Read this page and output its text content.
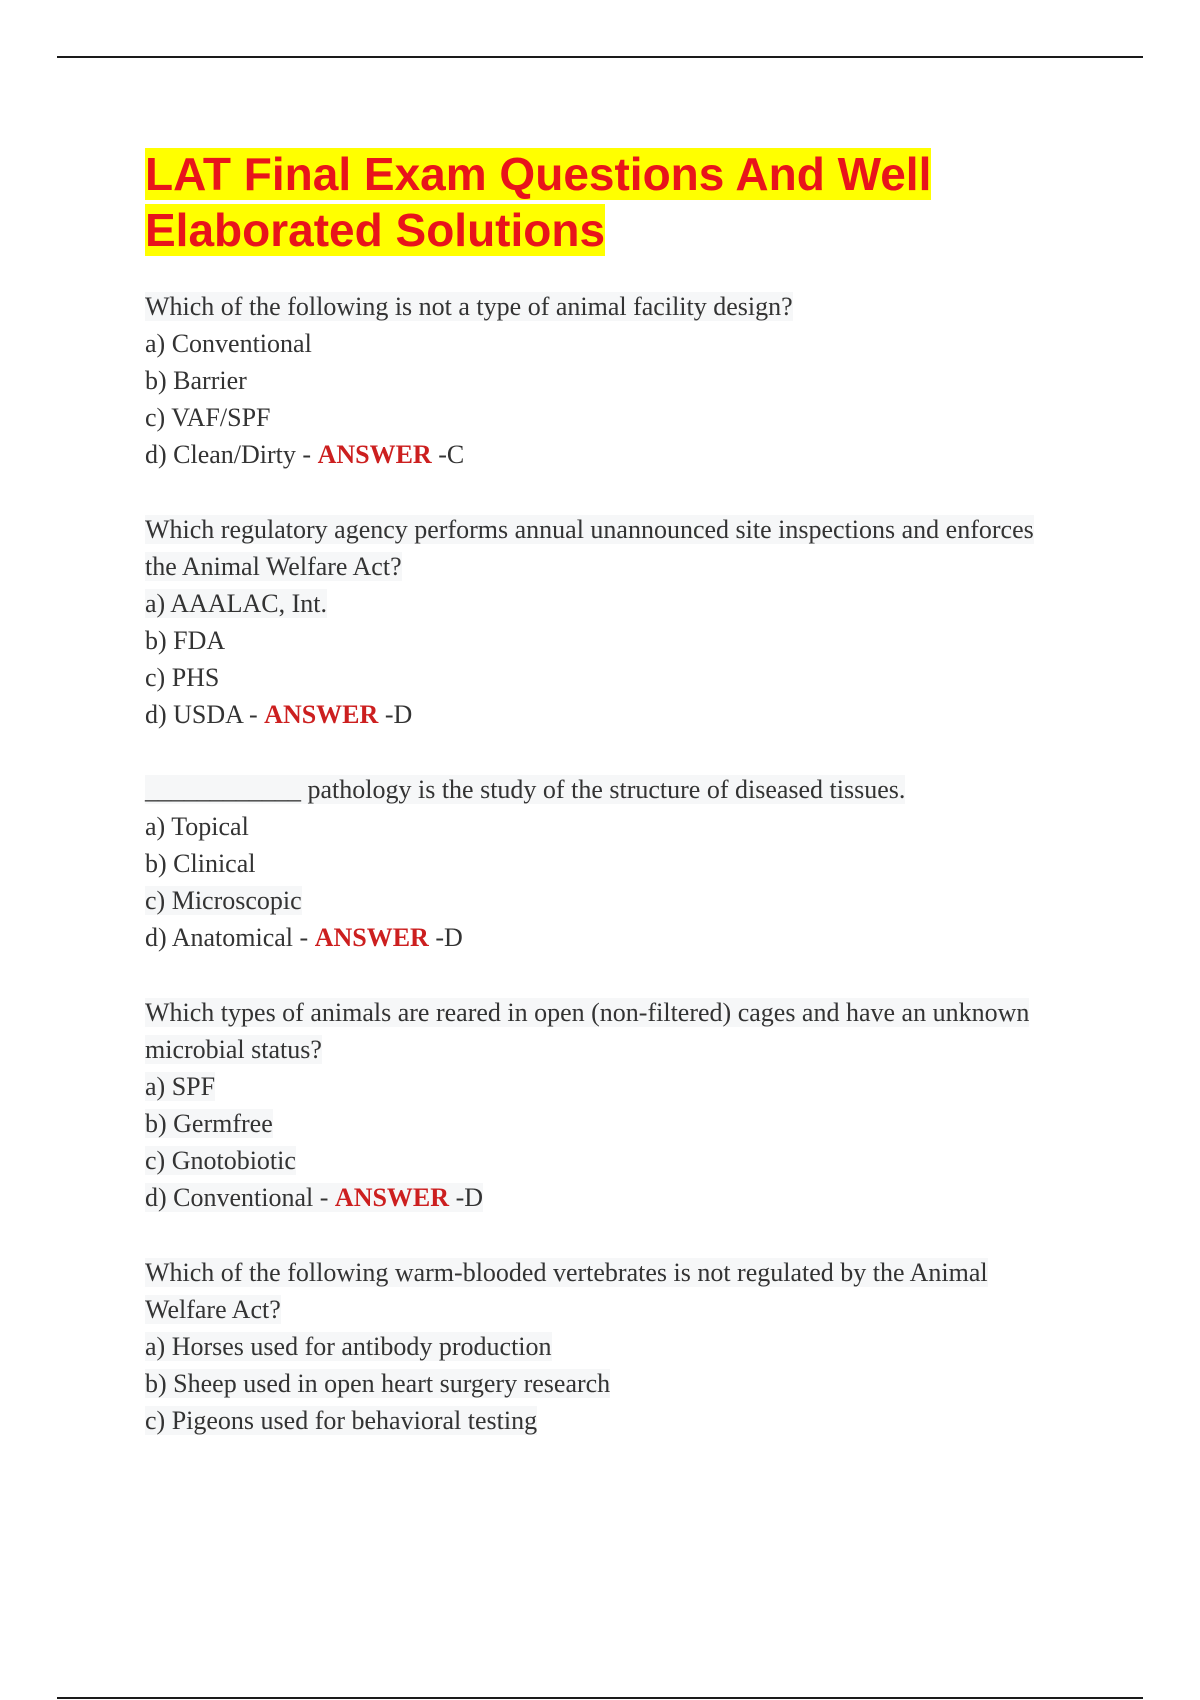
LAT Final Exam Questions And Well Elaborated Solutions

Which of the following is not a type of animal facility design?

a) Conventional

b) Barrier

c) VAF/SPF

d) Clean/Dirty - ANSWER -C

Which regulatory agency performs annual unannounced site inspections and enforces the Animal Welfare Act?

a) AAALAC, Int.

b) FDA

c) PHS

d) USDA - ANSWER -D

____________ pathology is the study of the structure of diseased tissues.

a) Topical

b) Clinical

c) Microscopic

d) Anatomical - ANSWER -D

Which types of animals are reared in open (non-filtered) cages and have an unknown microbial status?

a) SPF

b) Germfree

c) Gnotobiotic

d) Conventional - ANSWER -D

Which of the following warm-blooded vertebrates is not regulated by the Animal Welfare Act?

a) Horses used for antibody production

b) Sheep used in open heart surgery research

c) Pigeons used for behavioral testing
